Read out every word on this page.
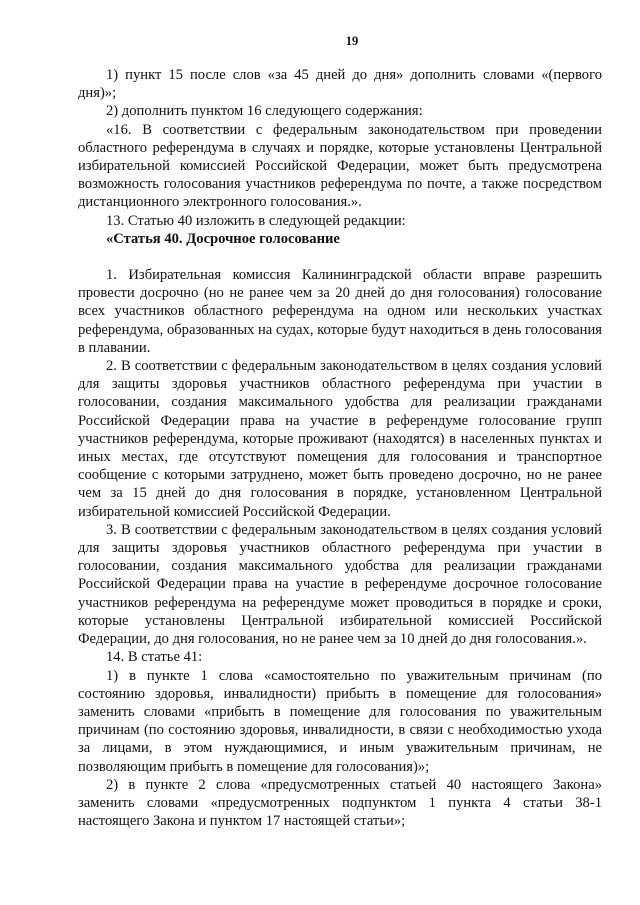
19

1) пункт 15 после слов «за 45 дней до дня» дополнить словами «(первого дня)»;

2) дополнить пунктом 16 следующего содержания:

«16. В соответствии с федеральным законодательством при проведении областного референдума в случаях и порядке, которые установлены Центральной избирательной комиссией Российской Федерации, может быть предусмотрена возможность голосования участников референдума по почте, а также посредством дистанционного электронного голосования.».

13. Статью 40 изложить в следующей редакции:

«Статья 40. Досрочное голосование

1. Избирательная комиссия Калининградской области вправе разрешить провести досрочно (но не ранее чем за 20 дней до дня голосования) голосование всех участников областного референдума на одном или нескольких участках референдума, образованных на судах, которые будут находиться в день голосования в плавании.

2. В соответствии с федеральным законодательством в целях создания условий для защиты здоровья участников областного референдума при участии в голосовании, создания максимального удобства для реализации гражданами Российской Федерации права на участие в референдуме голосование групп участников референдума, которые проживают (находятся) в населенных пунктах и иных местах, где отсутствуют помещения для голосования и транспортное сообщение с которыми затруднено, может быть проведено досрочно, но не ранее чем за 15 дней до дня голосования в порядке, установленном Центральной избирательной комиссией Российской Федерации.

3. В соответствии с федеральным законодательством в целях создания условий для защиты здоровья участников областного референдума при участии в голосовании, создания максимального удобства для реализации гражданами Российской Федерации права на участие в референдуме досрочное голосование участников референдума на референдуме может проводиться в порядке и сроки, которые установлены Центральной избирательной комиссией Российской Федерации, до дня голосования, но не ранее чем за 10 дней до дня голосования.».

14. В статье 41:

1) в пункте 1 слова «самостоятельно по уважительным причинам (по состоянию здоровья, инвалидности) прибыть в помещение для голосования» заменить словами «прибыть в помещение для голосования по уважительным причинам (по состоянию здоровья, инвалидности, в связи с необходимостью ухода за лицами, в этом нуждающимися, и иным уважительным причинам, не позволяющим прибыть в помещение для голосования)»;

2) в пункте 2 слова «предусмотренных статьей 40 настоящего Закона» заменить словами «предусмотренных подпунктом 1 пункта 4 статьи 38-1 настоящего Закона и пунктом 17 настоящей статьи»;
